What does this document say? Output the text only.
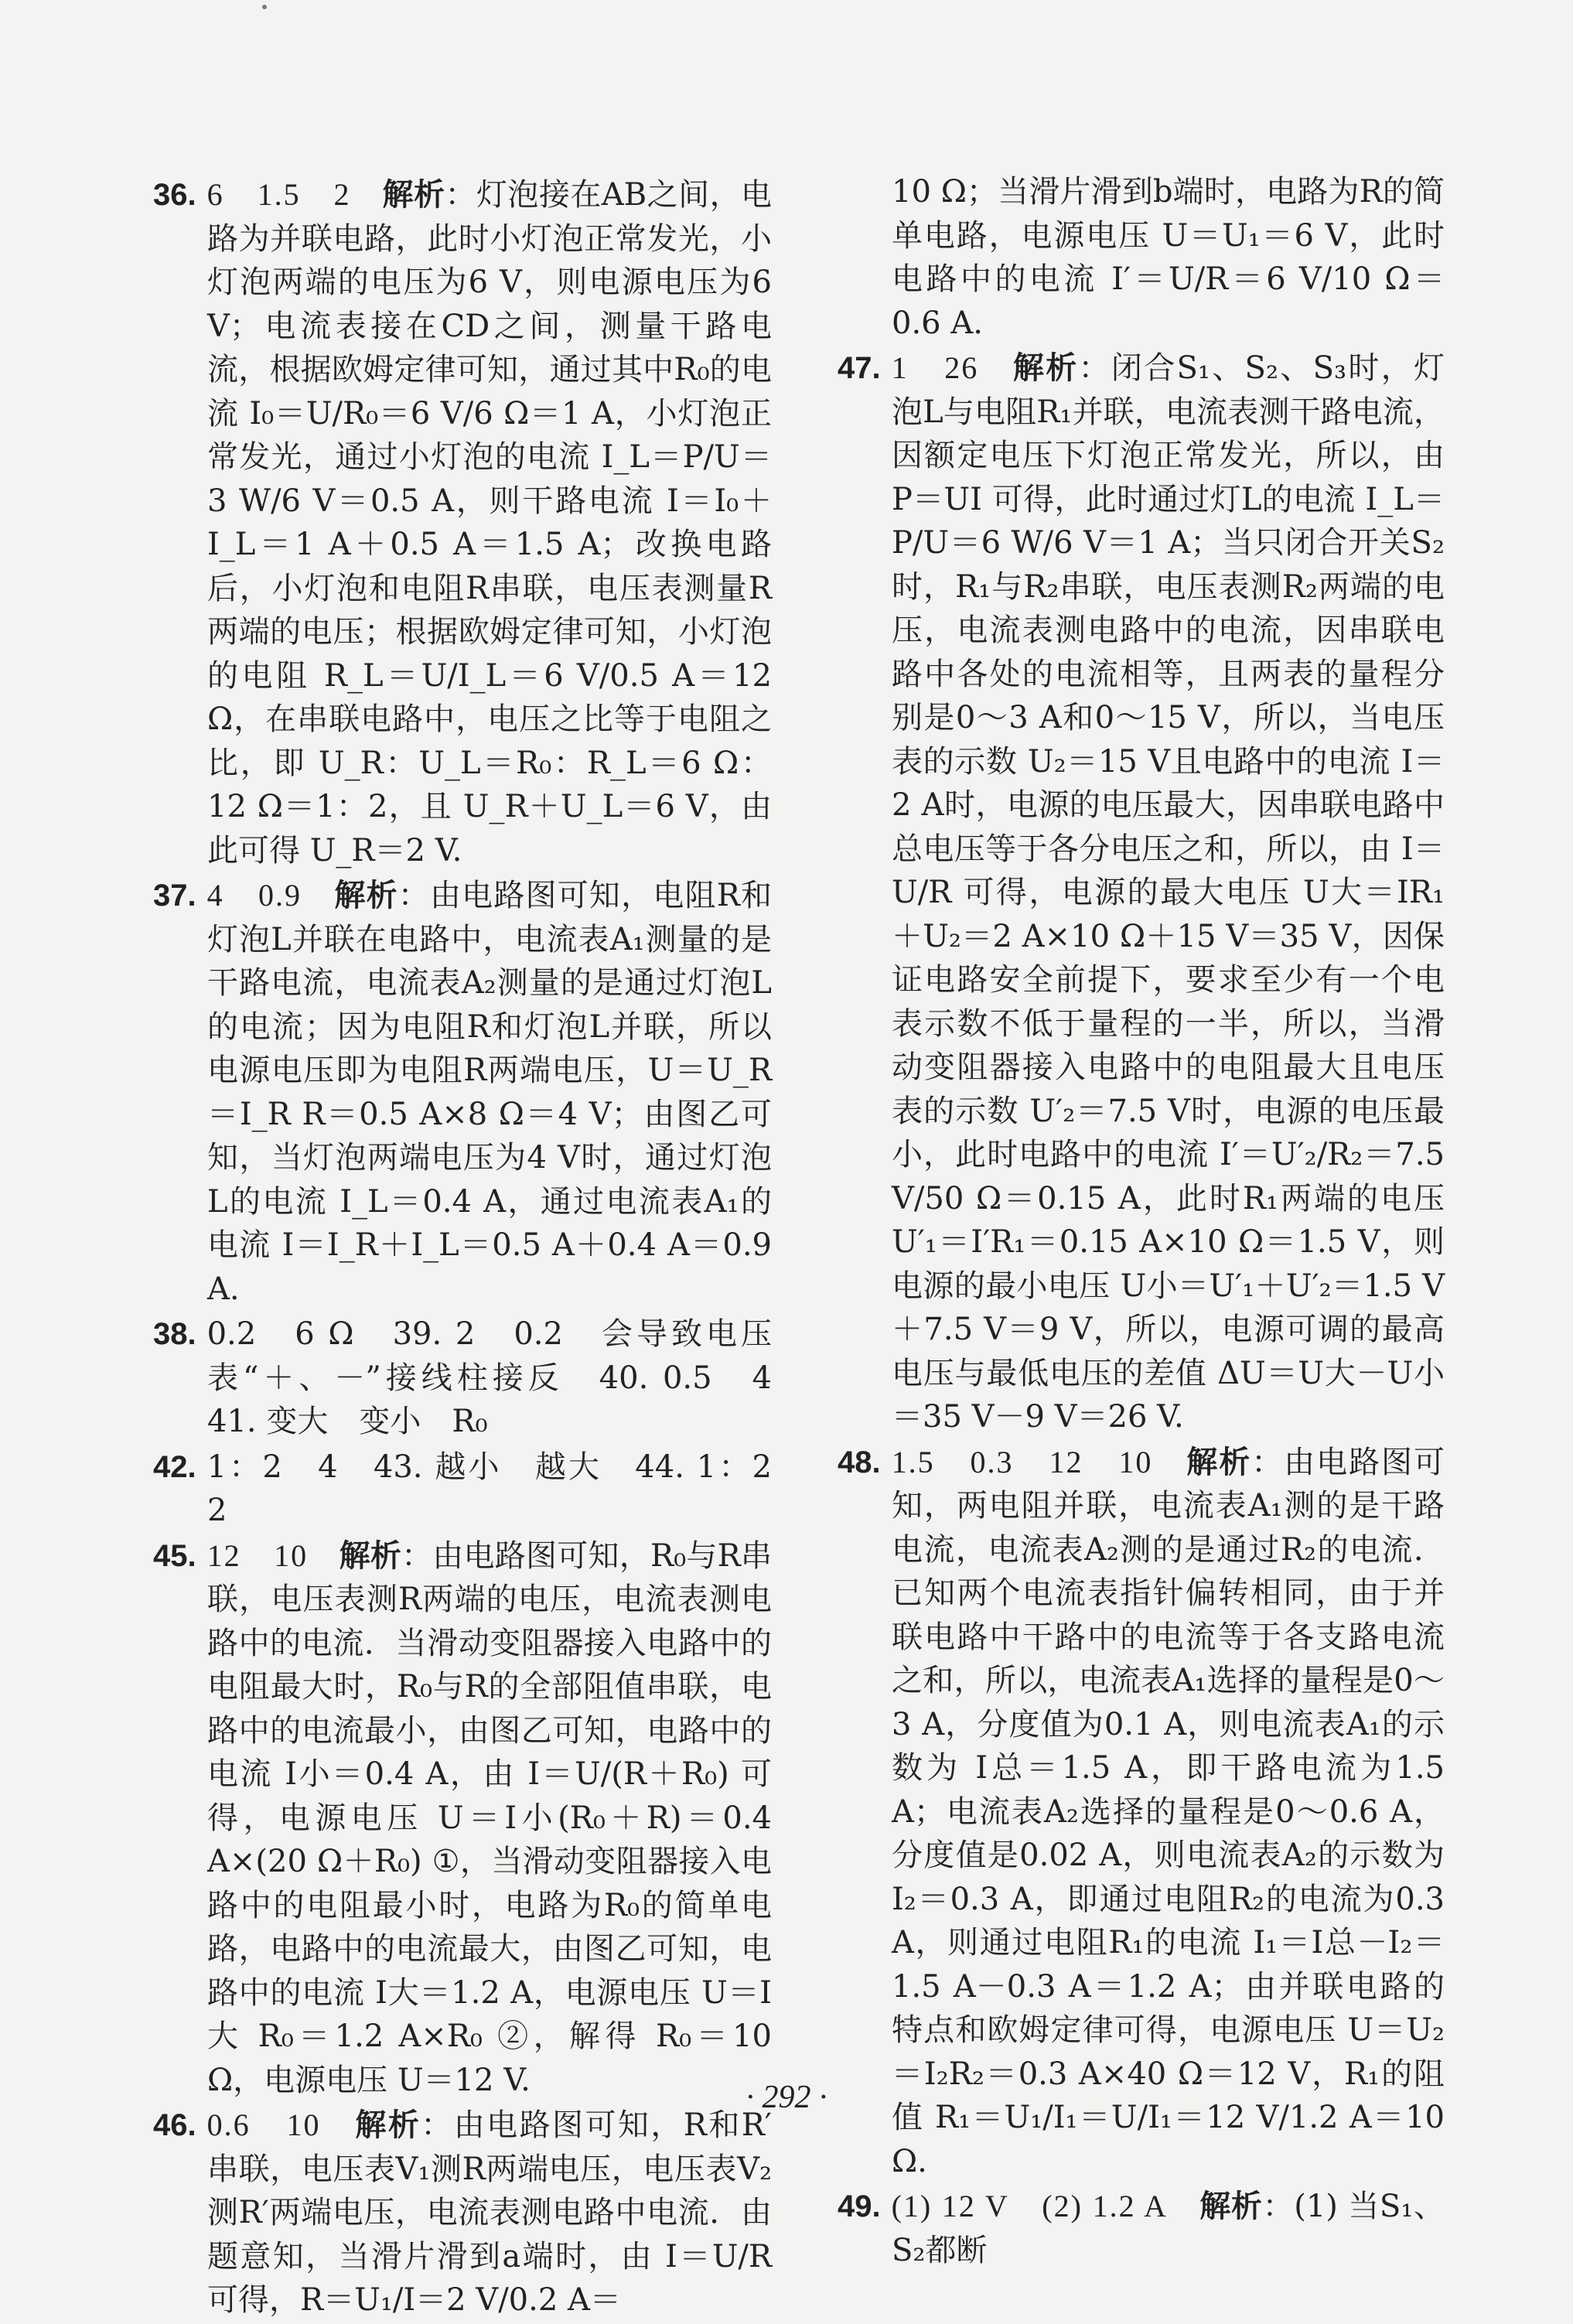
36. 6　1.5　2　 解析：灯泡接在AB之间，电路为并联电路，此时小灯泡正常发光，小灯泡两端的电压为6 V，则电源电压为6 V；电流表接在CD之间，测量干路电流，根据欧姆定律可知，通过其中R₀的电流 I₀＝U/R₀＝6 V/6 Ω＝1 A，小灯泡正常发光，通过小灯泡的电流 I_L＝P/U＝3 W/6 V＝0.5 A，则干路电流 I＝I₀＋I_L＝1 A＋0.5 A＝1.5 A；改换电路后，小灯泡和电阻R串联，电压表测量R两端的电压；根据欧姆定律可知，小灯泡的电阻 R_L＝U/I_L＝6 V/0.5 A＝12 Ω，在串联电路中，电压之比等于电阻之比，即 U_R：U_L＝R₀：R_L＝6 Ω：12 Ω＝1：2，且 U_R＋U_L＝6 V，由此可得 U_R＝2 V.
37. 4　0.9　 解析：由电路图可知，电阻R和灯泡L并联在电路中，电流表A₁测量的是干路电流，电流表A₂测量的是通过灯泡L的电流；因为电阻R和灯泡L并联，所以电源电压即为电阻R两端电压，U＝U_R＝I_R R＝0.5 A×8 Ω＝4 V；由图乙可知，当灯泡两端电压为4 V时，通过灯泡L的电流 I_L＝0.4 A，通过电流表A₁的电流 I＝I_R＋I_L＝0.5 A＋0.4 A＝0.9 A.
38. 0.2　6 Ω　39. 2　0.2　会导致电压表“＋、－”接线柱接反　40. 0.5　4　41. 变大　变小　R₀
42. 1：2　4　43. 越小　越大　44. 1：2　2
45. 12　10　 解析：由电路图可知，R₀与R串联，电压表测R两端的电压，电流表测电路中的电流．当滑动变阻器接入电路中的电阻最大时，R₀与R的全部阻值串联，电路中的电流最小，由图乙可知，电路中的电流 I小＝0.4 A，由 I＝U/(R＋R₀) 可得，电源电压 U＝I小(R₀＋R)＝0.4 A×(20 Ω＋R₀) ①，当滑动变阻器接入电路中的电阻最小时，电路为R₀的简单电路，电路中的电流最大，由图乙可知，电路中的电流 I大＝1.2 A，电源电压 U＝I大 R₀＝1.2 A×R₀ ②，解得 R₀＝10 Ω，电源电压 U＝12 V.
46. 0.6　10　 解析：由电路图可知，R和R′串联，电压表V₁测R两端电压，电压表V₂测R′两端电压，电流表测电路中电流．由题意知，当滑片滑到a端时，由 I＝U/R 可得，R＝U₁/I＝2 V/0.2 A＝
10 Ω；当滑片滑到b端时，电路为R的简单电路，电源电压 U＝U₁＝6 V，此时电路中的电流 I′＝U/R＝6 V/10 Ω＝0.6 A.
47. 1　26　 解析：闭合S₁、S₂、S₃时，灯泡L与电阻R₁并联，电流表测干路电流，因额定电压下灯泡正常发光，所以，由 P＝UI 可得，此时通过灯L的电流 I_L＝P/U＝6 W/6 V＝1 A；当只闭合开关S₂时，R₁与R₂串联，电压表测R₂两端的电压，电流表测电路中的电流，因串联电路中各处的电流相等，且两表的量程分别是0～3 A和0～15 V，所以，当电压表的示数 U₂＝15 V且电路中的电流 I＝2 A时，电源的电压最大，因串联电路中总电压等于各分电压之和，所以，由 I＝U/R 可得，电源的最大电压 U大＝IR₁＋U₂＝2 A×10 Ω＋15 V＝35 V，因保证电路安全前提下，要求至少有一个电表示数不低于量程的一半，所以，当滑动变阻器接入电路中的电阻最大且电压表的示数 U′₂＝7.5 V时，电源的电压最小，此时电路中的电流 I′＝U′₂/R₂＝7.5 V/50 Ω＝0.15 A，此时R₁两端的电压 U′₁＝I′R₁＝0.15 A×10 Ω＝1.5 V，则电源的最小电压 U小＝U′₁＋U′₂＝1.5 V＋7.5 V＝9 V，所以，电源可调的最高电压与最低电压的差值 ΔU＝U大－U小＝35 V－9 V＝26 V.
48. 1.5　0.3　12　10　 解析：由电路图可知，两电阻并联，电流表A₁测的是干路电流，电流表A₂测的是通过R₂的电流．已知两个电流表指针偏转相同，由于并联电路中干路中的电流等于各支路电流之和，所以，电流表A₁选择的量程是0～3 A，分度值为0.1 A，则电流表A₁的示数为 I总＝1.5 A，即干路电流为1.5 A；电流表A₂选择的量程是0～0.6 A，分度值是0.02 A，则电流表A₂的示数为 I₂＝0.3 A，即通过电阻R₂的电流为0.3 A，则通过电阻R₁的电流 I₁＝I总－I₂＝1.5 A－0.3 A＝1.2 A；由并联电路的特点和欧姆定律可得，电源电压 U＝U₂＝I₂R₂＝0.3 A×40 Ω＝12 V，R₁的阻值 R₁＝U₁/I₁＝U/I₁＝12 V/1.2 A＝10 Ω.
49. (1) 12 V　(2) 1.2 A　 解析：(1) 当S₁、S₂都断
· 292 ·
